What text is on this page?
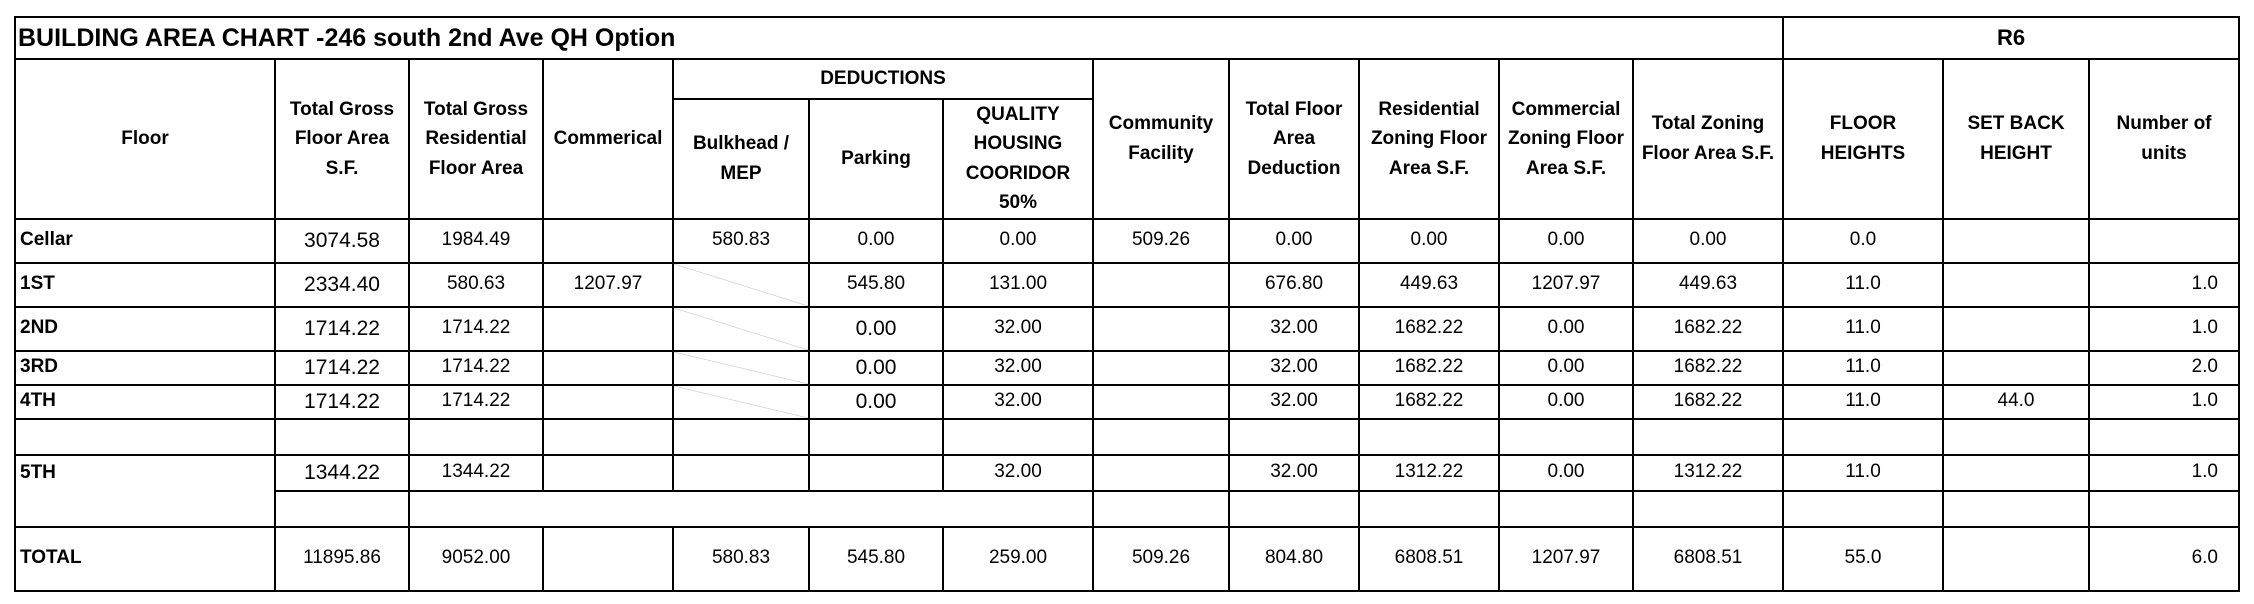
BUILDING AREA CHART -246 south 2nd Ave QH Option												R6		
Floor	Total Gross Floor Area S.F.	Total Gross Residential Floor Area	Commerical	DEDUCTIONS			Community Facility	Total Floor Area Deduction	Residential Zoning Floor Area S.F.	Commercial Zoning Floor Area S.F.	Total Zoning Floor Area S.F.	FLOOR HEIGHTS	SET BACK HEIGHT	Number of units
				Bulkhead / MEP	Parking	QUALITY HOUSING COORIDOR 50%								
Cellar	3074.58	1984.49		580.83	0.00	0.00	509.26	0.00	0.00	0.00	0.00	0.0		
1ST	2334.40	580.63	1207.97		545.80	131.00		676.80	449.63	1207.97	449.63	11.0		1.0
2ND	1714.22	1714.22			0.00	32.00		32.00	1682.22	0.00	1682.22	11.0		1.0
3RD	1714.22	1714.22			0.00	32.00		32.00	1682.22	0.00	1682.22	11.0		2.0
4TH	1714.22	1714.22			0.00	32.00		32.00	1682.22	0.00	1682.22	11.0	44.0	1.0

5TH	1344.22	1344.22				32.00		32.00	1312.22	0.00	1312.22	11.0		1.0

TOTAL	11895.86	9052.00		580.83	545.80	259.00	509.26	804.80	6808.51	1207.97	6808.51	55.0		6.0
